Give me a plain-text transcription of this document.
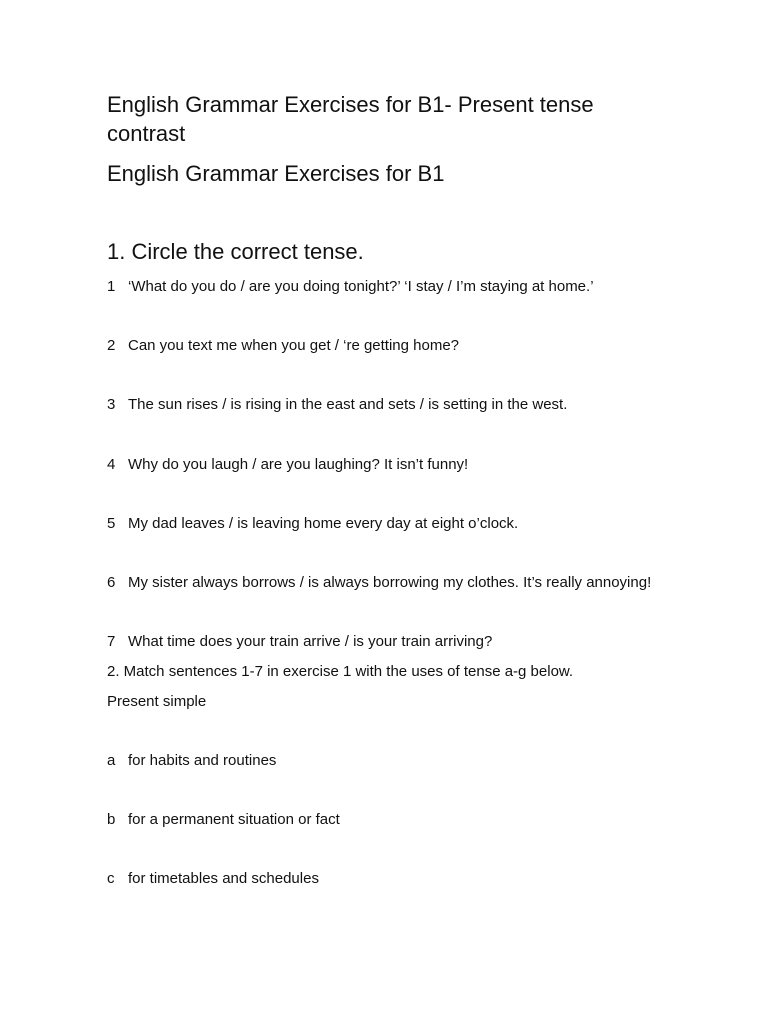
English Grammar Exercises for B1- Present tense
contrast
English Grammar Exercises for B1
1. Circle the correct tense.

1 ‘What do you do / are you doing tonight?’ ‘I stay / I’m staying at home.’

2 Can you text me when you get / ‘re getting home?

3 The sun rises / is rising in the east and sets / is setting in the west.

4 Why do you laugh / are you laughing? It isn’t funny!

5 My dad leaves / is leaving home every day at eight o’clock.

6 My sister always borrows / is always borrowing my clothes. It’s really annoying!

7 What time does your train arrive / is your train arriving?

2. Match sentences 1-7 in exercise 1 with the uses of tense a-g below.

Present simple

a for habits and routines

b for a permanent situation or fact

c for timetables and schedules
